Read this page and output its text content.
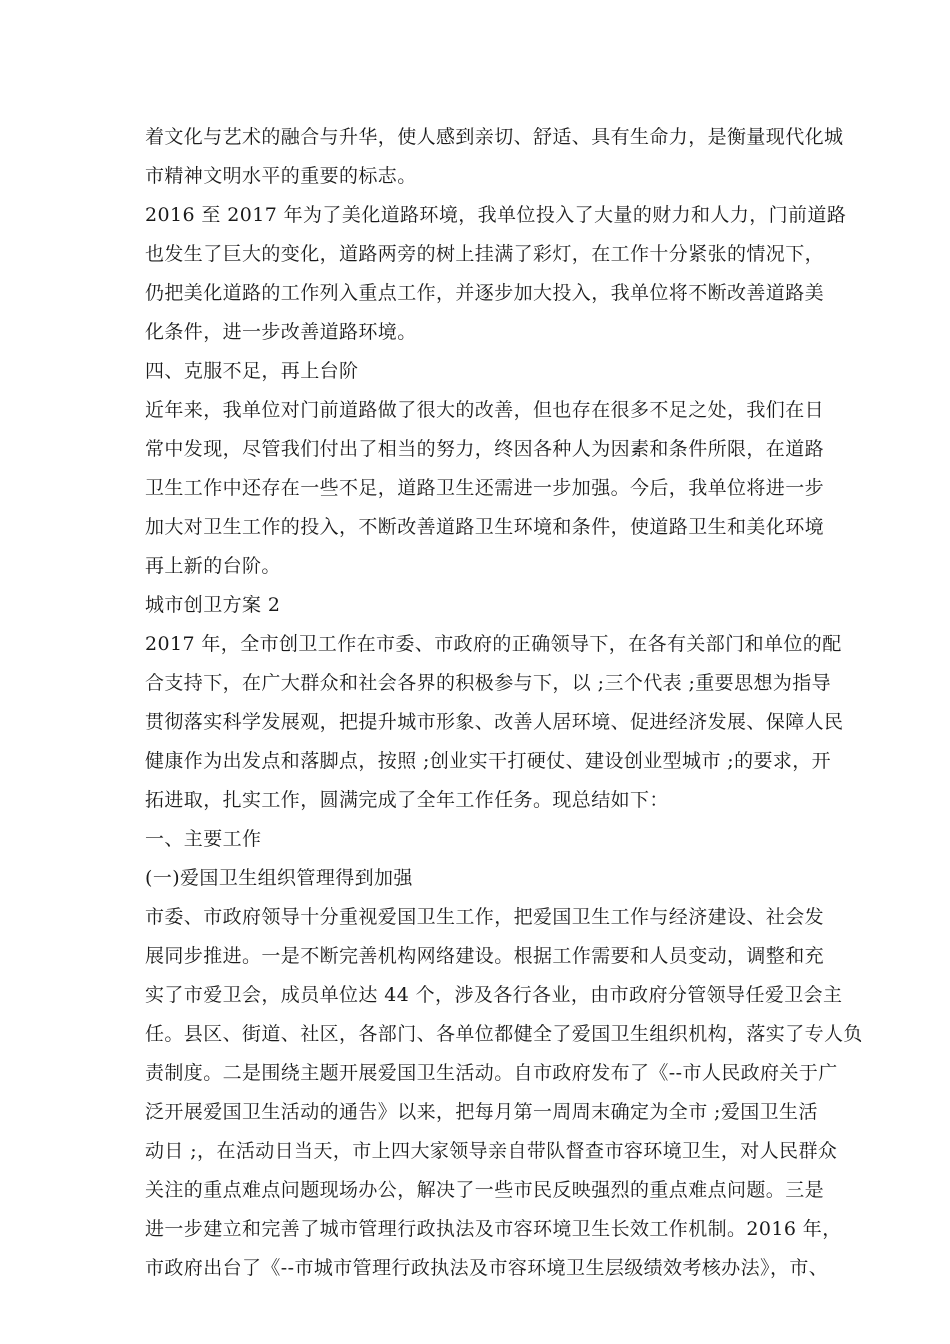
着文化与艺术的融合与升华，使人感到亲切、舒适、具有生命力，是衡量现代化城
市精神文明水平的重要的标志。
2016 至 2017 年为了美化道路环境，我单位投入了大量的财力和人力，门前道路
也发生了巨大的变化，道路两旁的树上挂满了彩灯，在工作十分紧张的情况下，
仍把美化道路的工作列入重点工作，并逐步加大投入，我单位将不断改善道路美
化条件，进一步改善道路环境。
四、克服不足，再上台阶
近年来，我单位对门前道路做了很大的改善，但也存在很多不足之处，我们在日
常中发现，尽管我们付出了相当的努力，终因各种人为因素和条件所限，在道路
卫生工作中还存在一些不足，道路卫生还需进一步加强。今后，我单位将进一步
加大对卫生工作的投入，不断改善道路卫生环境和条件，使道路卫生和美化环境
再上新的台阶。
城市创卫方案 2
2017 年，全市创卫工作在市委、市政府的正确领导下，在各有关部门和单位的配
合支持下，在广大群众和社会各界的积极参与下，以 ;三个代表 ;重要思想为指导
贯彻落实科学发展观，把提升城市形象、改善人居环境、促进经济发展、保障人民
健康作为出发点和落脚点，按照 ;创业实干打硬仗、建设创业型城市 ;的要求，开
拓进取，扎实工作，圆满完成了全年工作任务。现总结如下：
一、主要工作
(一)爱国卫生组织管理得到加强
市委、市政府领导十分重视爱国卫生工作，把爱国卫生工作与经济建设、社会发
展同步推进。一是不断完善机构网络建设。根据工作需要和人员变动，调整和充
实了市爱卫会，成员单位达 44 个，涉及各行各业，由市政府分管领导任爱卫会主
任。县区、街道、社区，各部门、各单位都健全了爱国卫生组织机构，落实了专人负
责制度。二是围绕主题开展爱国卫生活动。自市政府发布了《--市人民政府关于广
泛开展爱国卫生活动的通告》以来，把每月第一周周末确定为全市 ;爱国卫生活
动日 ;，在活动日当天，市上四大家领导亲自带队督查市容环境卫生，对人民群众
关注的重点难点问题现场办公，解决了一些市民反映强烈的重点难点问题。三是
进一步建立和完善了城市管理行政执法及市容环境卫生长效工作机制。2016 年，
市政府出台了《--市城市管理行政执法及市容环境卫生层级绩效考核办法》，市、
